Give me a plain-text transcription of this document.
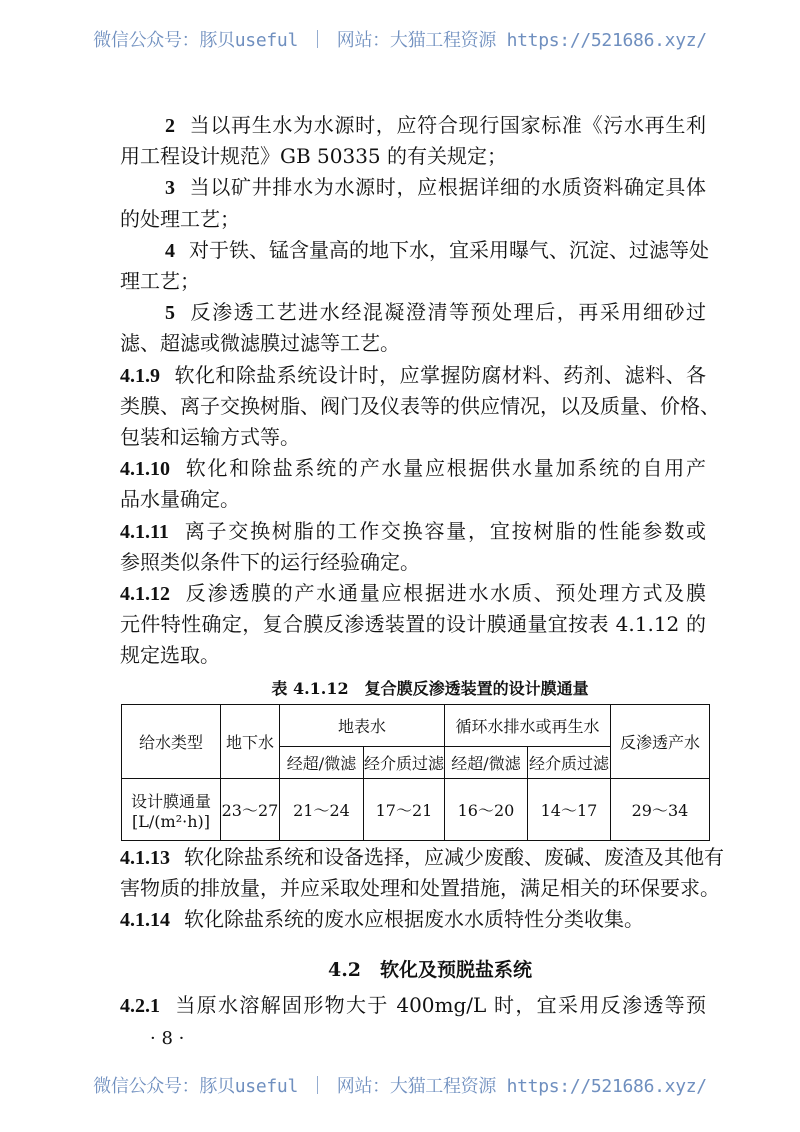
微信公众号：豚贝useful ｜ 网站：大猫工程资源 https://521686.xyz/
2 当以再生水为水源时，应符合现行国家标准《污水再生利
用工程设计规范》GB 50335 的有关规定；
3 当以矿井排水为水源时，应根据详细的水质资料确定具体
的处理工艺；
4 对于铁、锰含量高的地下水，宜采用曝气、沉淀、过滤等处
理工艺；
5 反渗透工艺进水经混凝澄清等预处理后，再采用细砂过
滤、超滤或微滤膜过滤等工艺。
4.1.9 软化和除盐系统设计时，应掌握防腐材料、药剂、滤料、各
类膜、离子交换树脂、阀门及仪表等的供应情况，以及质量、价格、
包装和运输方式等。
4.1.10 软化和除盐系统的产水量应根据供水量加系统的自用产
品水量确定。
4.1.11 离子交换树脂的工作交换容量，宜按树脂的性能参数或
参照类似条件下的运行经验确定。
4.1.12 反渗透膜的产水通量应根据进水水质、预处理方式及膜
元件特性确定，复合膜反渗透装置的设计膜通量宜按表 4.1.12 的
规定选取。
表 4.1.12　复合膜反渗透装置的设计膜通量
给水类型	地下水	地表水		循环水排水或再生水		反渗透产水
		经超/微滤	经介质过滤	经超/微滤	经介质过滤	

设计膜通量
[L/(m²·h)]	23～27	21～24	17～21	16～20	14～17	29～34
4.1.13 软化除盐系统和设备选择，应减少废酸、废碱、废渣及其他有
害物质的排放量，并应采取处理和处置措施，满足相关的环保要求。
4.1.14 软化除盐系统的废水应根据废水水质特性分类收集。
4.2　软化及预脱盐系统
4.2.1 当原水溶解固形物大于 400mg/L 时，宜采用反渗透等预
· 8 ·
微信公众号：豚贝useful ｜ 网站：大猫工程资源 https://521686.xyz/
